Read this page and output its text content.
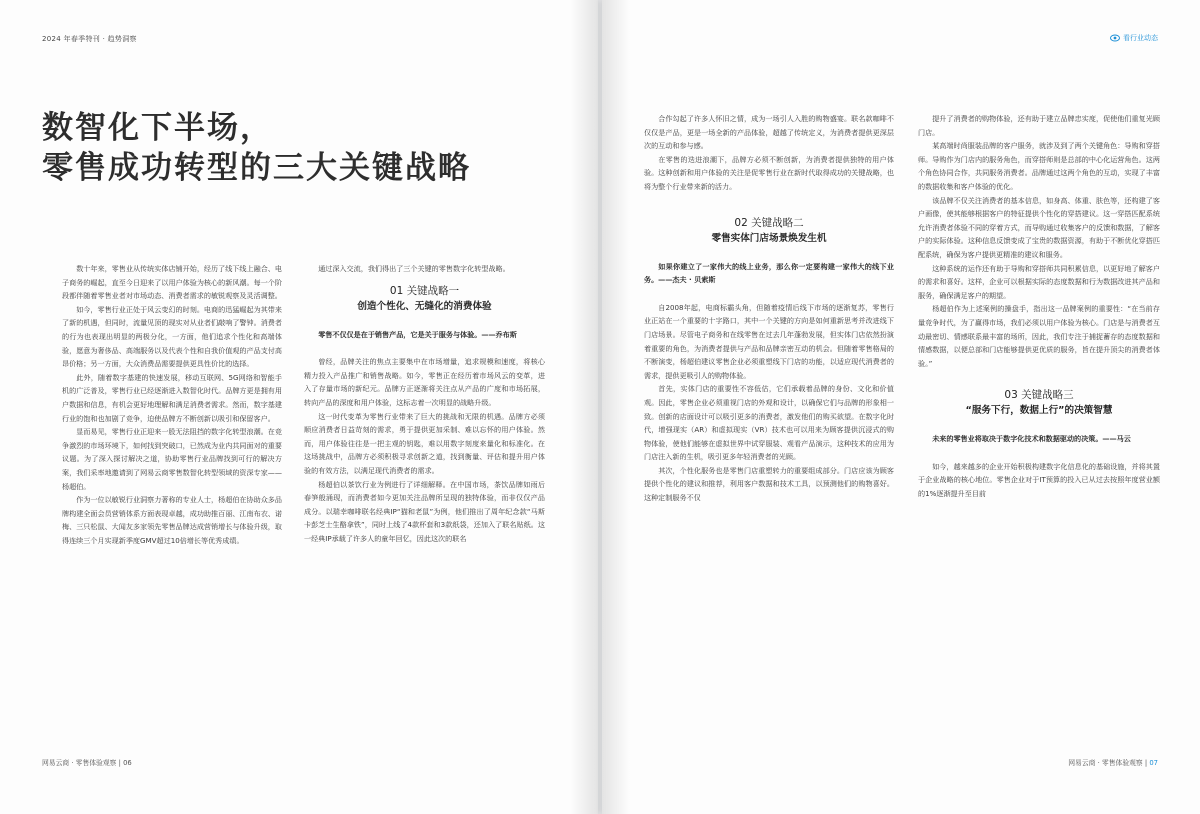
2024 年春季特刊 · 趋势洞察
数智化下半场，
零售成功转型的三大关键战略

数十年来，零售业从传统实体店铺开始，经历了线下线上融合、电子商务的崛起，直至今日迎来了以用户体验为核心的新风潮。每一个阶段都伴随着零售业者对市场动态、消费者需求的敏锐观察及灵活调整。

如今，零售行业正处于风云变幻的时刻。电商的迅猛崛起为其带来了新的机遇，但同时，流量见顶的现实对从业者们敲响了警钟。消费者的行为也表现出明显的两极分化，一方面，他们追求个性化和高端体验，愿意为奢侈品、高端服务以及代表个性和自我价值观的产品支付高昂价格；另一方面，大众消费品需要提供更具性价比的选择。

此外，随着数字基建的快速发展，移动互联网、5G网络和智能手机的广泛普及，零售行业已经逐渐进入数智化时代。品牌方更是拥有用户数据和信息，有机会更好地理解和满足消费者需求。然而，数字基建行业的饱和也加剧了竞争，迫使品牌方不断创新以吸引和保留客户。

显而易见，零售行业正迎来一股无法阻挡的数字化转型浪潮。在竞争激烈的市场环境下，如何找到突破口，已然成为业内共同面对的重要议题。为了深入探讨解决之道，协助零售行业品牌找到可行的解决方案，我们采率地邀请到了网易云商零售数智化转型领域的资深专家——杨超伯。

作为一位以敏锐行业洞察力著称的专业人士，杨超伯在协助众多品牌构建全面会员营销体系方面表现卓越，成功助推百丽、江南布衣、诺梅、三只松鼠、大闻友多家领先零售品牌达成营销增长与体验升级，取得连续三个月实现新季度GMV超过10倍增长等优秀成绩。

通过深入交流，我们得出了三个关键的零售数字化转型战略。

01 关键战略一
创造个性化、无缝化的消费体验

零售不仅仅是在于销售产品，它是关于服务与体验。——乔布斯

曾经，品牌关注的焦点主要集中在市场增量，追求规模和速度，将核心精力投入产品推广和销售战略。如今，零售正在经历着市场风云的变革，进入了存量市场的新纪元。品牌方正逐渐将关注点从产品的广度和市场拓展，转向产品的深度和用户体验，这标志着一次明显的战略升级。

这一时代变革为零售行业带来了巨大的挑战和无限的机遇。品牌方必须顺应消费者日益苛刻的需求，勇于提供更加采制、难以忘怀的用户体验。然而，用户体验往往是一把主观的钥匙，难以用数字刻度来量化和标准化。在这场挑战中，品牌方必须积极寻求创新之道，找到衡量、评估和提升用户体验的有效方法，以满足现代消费者的需求。

杨超伯以茶饮行业为例进行了详细解释。在中国市场，茶饮品牌如雨后春笋般涌现，而消费者如今更加关注品牌所呈现的独特体验，而非仅仅产品成分。以瑞幸咖啡联名经典IP“猫和老鼠”为例，他们推出了周年纪念款“马斯卡彭芝士生酪拿铁”，同时上线了4款杯套和3款纸袋，还加入了联名贴纸。这一经典IP承载了许多人的童年回忆，因此这次的联名

网易云商 · 零售体验观察 | 06
看行业动态

合作勾起了许多人怀旧之情，成为一场引人入胜的购物盛宴。联名款咖啡不仅仅是产品，更是一场全新的产品体验，超越了传统定义，为消费者提供更深层次的互动和参与感。

在零售的迭进浪潮下，品牌方必须不断创新，为消费者提供独特的用户体验。这种创新和用户体验的关注是促零售行业在新时代取得成功的关键战略，也将为整个行业带来新的活力。

02 关键战略二
零售实体门店场景焕发生机

如果你建立了一家伟大的线上业务，那么你一定要构建一家伟大的线下业务。——杰夫 · 贝索斯

自2008年起，电商标霸头角，但随着疫情后线下市场的逐渐复苏，零售行业正站在一个重要的十字路口，其中一个关键的方向是如何重新思考并改进线下门店场景。尽管电子商务和在线零售在过去几年蓬勃发展，但实体门店依然扮演着重要的角色，为消费者提供与产品和品牌亲密互动的机会。但随着零售格局的不断演变，杨超伯建议零售企业必须重塑线下门店的功能，以适应现代消费者的需求，提供更吸引人的购物体验。

首先，实体门店的重要性不容低估，它们承载着品牌的身份、文化和价值观。因此，零售企业必须重视门店的外观和设计，以确保它们与品牌的形象相一致。创新的店面设计可以吸引更多的消费者，激发他们的购买欲望。在数字化时代，增强现实（AR）和虚拟现实（VR）技术也可以用来为顾客提供沉浸式的购物体验，使他们能够在虚拟世界中试穿服装、观看产品演示，这种技术的应用为门店注入新的生机，吸引更多年轻消费者的光顾。

其次，个性化服务也是零售门店重塑转力的重要组成部分。门店应该为顾客提供个性化的建议和推荐，利用客户数据和技术工具，以预测他们的购物喜好。这种定制服务不仅

提升了消费者的购物体验，还有助于建立品牌忠实度，促使他们重复光顾门店。

某高端时尚服装品牌的客户服务，就涉及到了两个关键角色：导购和穿搭师。导购作为门店内的服务角色，而穿搭师则是总部的中心化运营角色。这两个角色协同合作，共同服务消费者。品牌通过这两个角色的互动，实现了丰富的数据收集和客户体验的优化。

该品牌不仅关注消费者的基本信息，如身高、体重、肤色等，还构建了客户画像，使其能够根据客户的特征提供个性化的穿搭建议。这一穿搭匹配系统允许消费者体验不同的穿着方式，而导购通过收集客户的反馈和数据，了解客户的实际体验。这种信息反馈变成了宝贵的数据资源，有助于不断优化穿搭匹配系统，确保为客户提供更精准的建议和服务。

这种系统的运作还有助于导购和穿搭师共同积累信息，以更好地了解客户的需求和喜好。这样，企业可以根据实际的态度数据和行为数据改进其产品和服务，确保满足客户的期望。

杨超伯作为上述案例的操盘手，指出这一品牌案例的重要性：“在当前存量竞争时代，为了赢得市场，我们必须以用户体验为核心。门店是与消费者互动最密切、情感联系最丰富的场所，因此，我们专注于捕捉蓄存的态度数据和情感数据，以便总部和门店能够提供更优质的服务，旨在提升顶尖的消费者体验。”

03 关键战略三
“服务下行，数据上行”的决策智慧

未来的零售业将取决于数字化技术和数据驱动的决策。——马云

如今，越来越多的企业开始积极构建数字化信息化的基础设施，并将其置于企业战略的核心地位。零售企业对于IT预算的投入已从过去按照年度营业额的1%逐渐提升至目前

网易云商 · 零售体验观察 | 07
